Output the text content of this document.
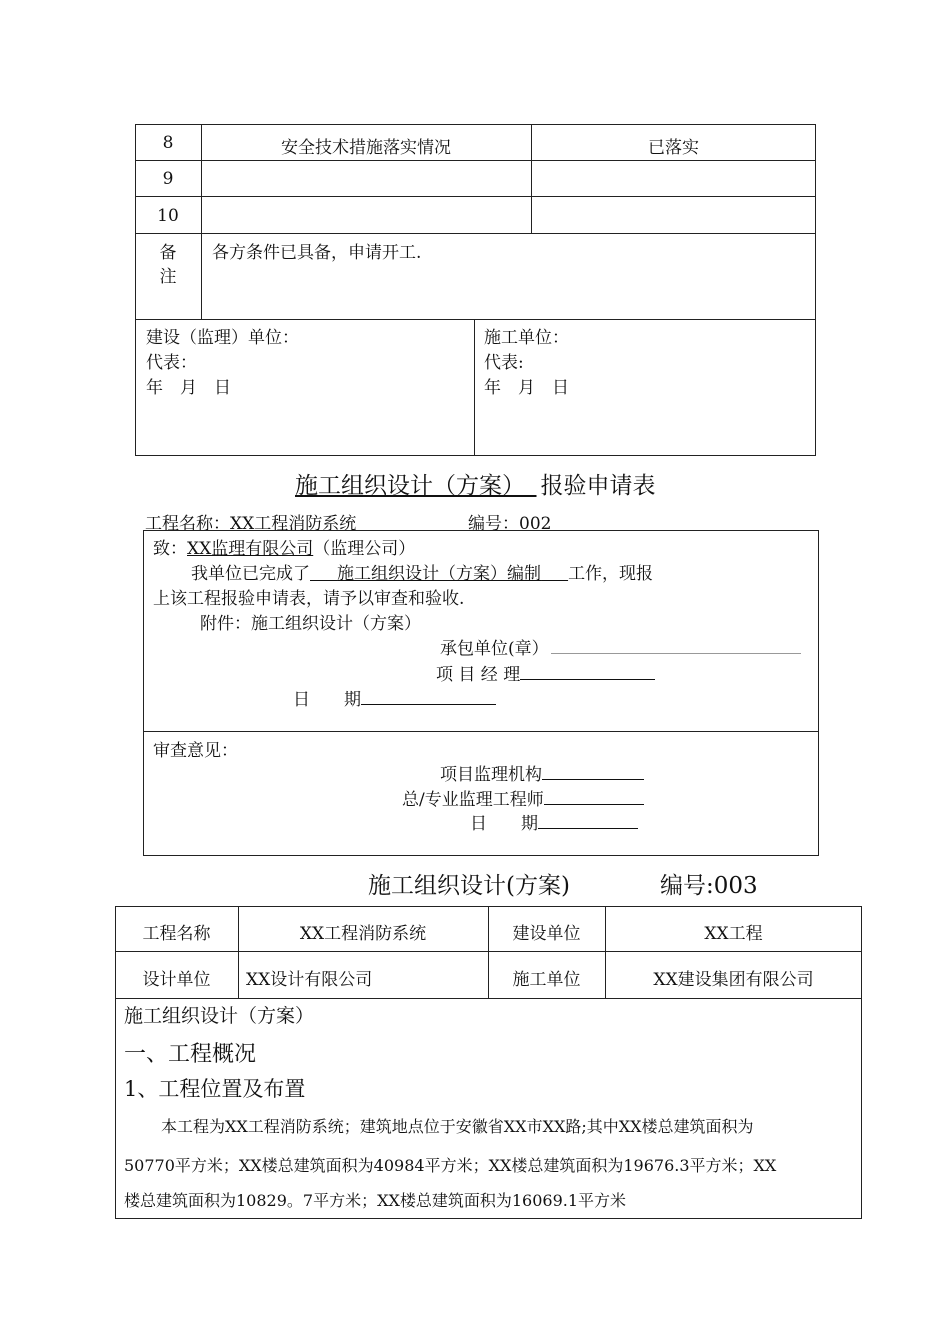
8	安全技术措施落实情况	已落实
9
10
备
注
各方条件已具备，申请开工.
建设（监理）单位：
代表：
年　月　日
施工单位：
代表:
年　月　日
施工组织设计（方案）　 报验申请表
工程名称：XX工程消防系统	编号：002
致：XX监理有限公司（监理公司）
我单位已完成了 施工组织设计（方案）编制 工作，现报
上该工程报验申请表，请予以审查和验收.
附件：施工组织设计（方案）
承包单位(章）
项 目 经 理
日　　期
审查意见：
项目监理机构
总/专业监理工程师
日　　期
施工组织设计(方案)	编号:003
工程名称	XX工程消防系统	建设单位	XX工程
设计单位	XX设计有限公司	施工单位	XX建设集团有限公司
施工组织设计（方案）
一、工程概况
1、工程位置及布置
本工程为XX工程消防系统；建筑地点位于安徽省XX市XX路;其中XX楼总建筑面积为
50770平方米；XX楼总建筑面积为40984平方米；XX楼总建筑面积为19676.3平方米；XX
楼总建筑面积为10829。7平方米；XX楼总建筑面积为16069.1平方米
